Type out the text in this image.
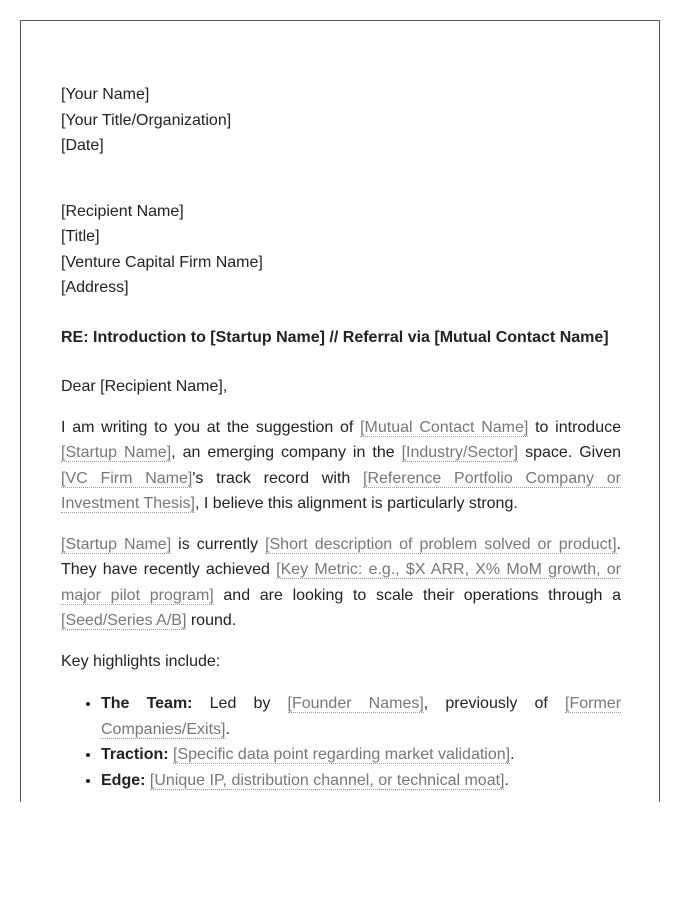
[Your Name]
[Your Title/Organization]
[Date]
[Recipient Name]
[Title]
[Venture Capital Firm Name]
[Address]
RE: Introduction to [Startup Name] // Referral via [Mutual Contact Name]
Dear [Recipient Name],

I am writing to you at the suggestion of [Mutual Contact Name] to introduce [Startup Name], an emerging company in the [Industry/Sector] space. Given [VC Firm Name]'s track record with [Reference Portfolio Company or Investment Thesis], I believe this alignment is particularly strong.

[Startup Name] is currently [Short description of problem solved or product]. They have recently achieved [Key Metric: e.g., $X ARR, X% MoM growth, or major pilot program] and are looking to scale their operations through a [Seed/Series A/B] round.

Key highlights include:

• The Team: Led by [Founder Names], previously of [Former Companies/Exits].
• Traction: [Specific data point regarding market validation].
• Edge: [Unique IP, distribution channel, or technical moat].
